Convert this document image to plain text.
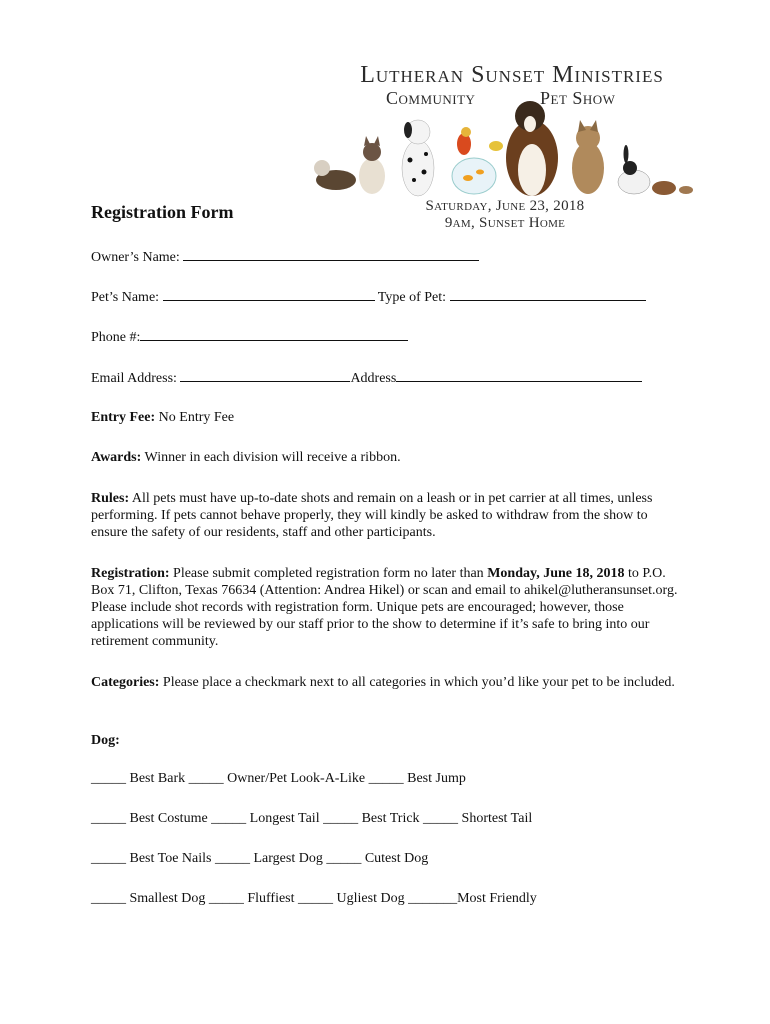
Lutheran Sunset Ministries
Community	Pet Show
Saturday, June 23, 2018
9am, Sunset Home
Registration Form
Owner’s Name:
Pet’s Name:	Type of Pet:
Phone #:
Email Address:	Address
Entry Fee: No Entry Fee
Awards: Winner in each division will receive a ribbon.
Rules: All pets must have up-to-date shots and remain on a leash or in pet carrier at all times, unless performing. If pets cannot behave properly, they will kindly be asked to withdraw from the show to ensure the safety of our residents, staff and other participants.
Registration: Please submit completed registration form no later than Monday, June 18, 2018 to P.O. Box 71, Clifton, Texas 76634 (Attention: Andrea Hikel) or scan and email to ahikel@lutheransunset.org. Please include shot records with registration form. Unique pets are encouraged; however, those applications will be reviewed by our staff prior to the show to determine if it’s safe to bring into our retirement community.
Categories: Please place a checkmark next to all categories in which you’d like your pet to be included.
Dog:
_____ Best Bark _____ Owner/Pet Look-A-Like _____ Best Jump
_____ Best Costume _____ Longest Tail _____ Best Trick _____ Shortest Tail
_____ Best Toe Nails _____ Largest Dog _____ Cutest Dog
_____ Smallest Dog _____ Fluffiest _____ Ugliest Dog _______Most Friendly
